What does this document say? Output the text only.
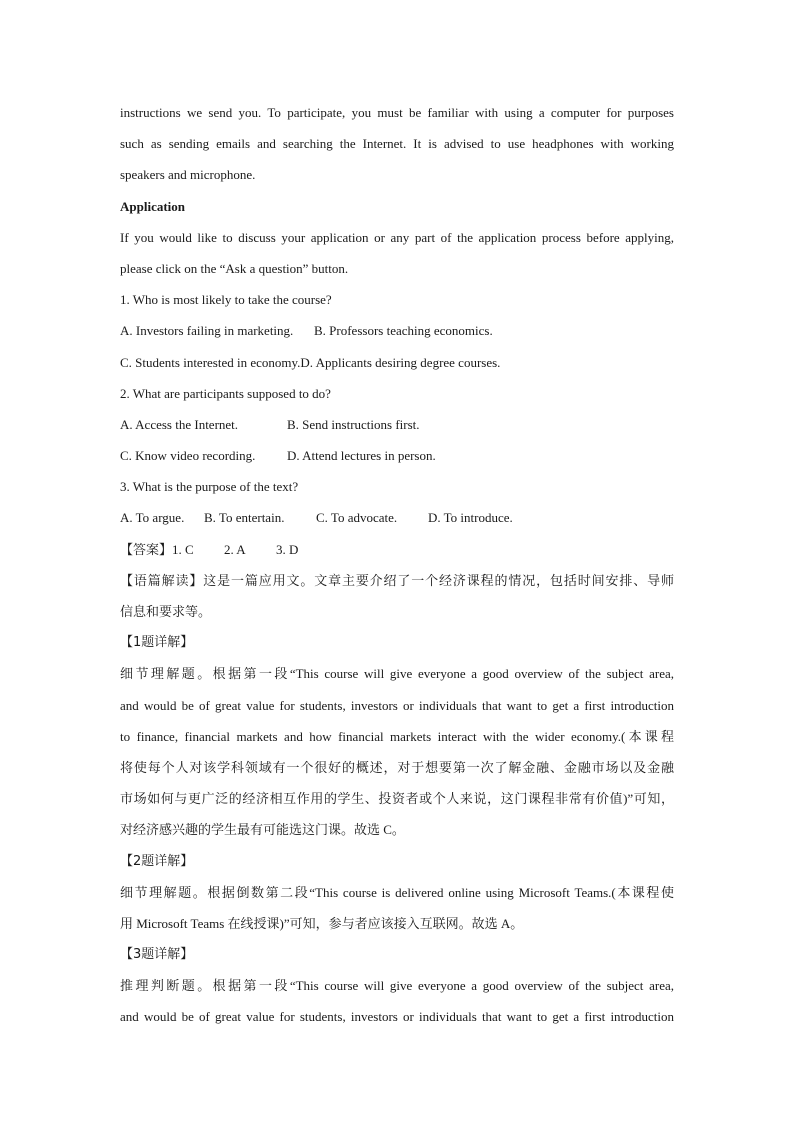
instructions we send you. To participate, you must be familiar with using a computer for purposes
such as sending emails and searching the Internet. It is advised to use headphones with working
speakers and microphone.
Application
If you would like to discuss your application or any part of the application process before applying,
please click on the “Ask a question” button.
1. Who is most likely to take the course?
A. Investors failing in marketing. B. Professors teaching economics.
C. Students interested in economy.D. Applicants desiring degree courses.
2. What are participants supposed to do?
A. Access the Internet.	B. Send instructions first.
C. Know video recording. D. Attend lectures in person.
3. What is the purpose of the text?
A. To argue. B. To entertain. C. To advocate. D. To introduce.
【答案】1. C 2. A 3. D
【语篇解读】这是一篇应用文。文章主要介绍了一个经济课程的情况，包括时间安排、导师
信息和要求等。
【1题详解】
细节理解题。根据第一段“This course will give everyone a good overview of the subject area,
and would be of great value for students, investors or individuals that want to get a first introduction
to finance, financial markets and how financial markets interact with the wider economy.(本课程
将使每个人对该学科领域有一个很好的概述，对于想要第一次了解金融、金融市场以及金融
市场如何与更广泛的经济相互作用的学生、投资者或个人来说，这门课程非常有价值)”可知，
对经济感兴趣的学生最有可能选这门课。故选 C。
【2题详解】
细节理解题。根据倒数第二段“This course is delivered online using Microsoft Teams.(本课程使
用 Microsoft Teams 在线授课)”可知，参与者应该接入互联网。故选 A。
【3题详解】
推理判断题。根据第一段“This course will give everyone a good overview of the subject area,
and would be of great value for students, investors or individuals that want to get a first introduction
